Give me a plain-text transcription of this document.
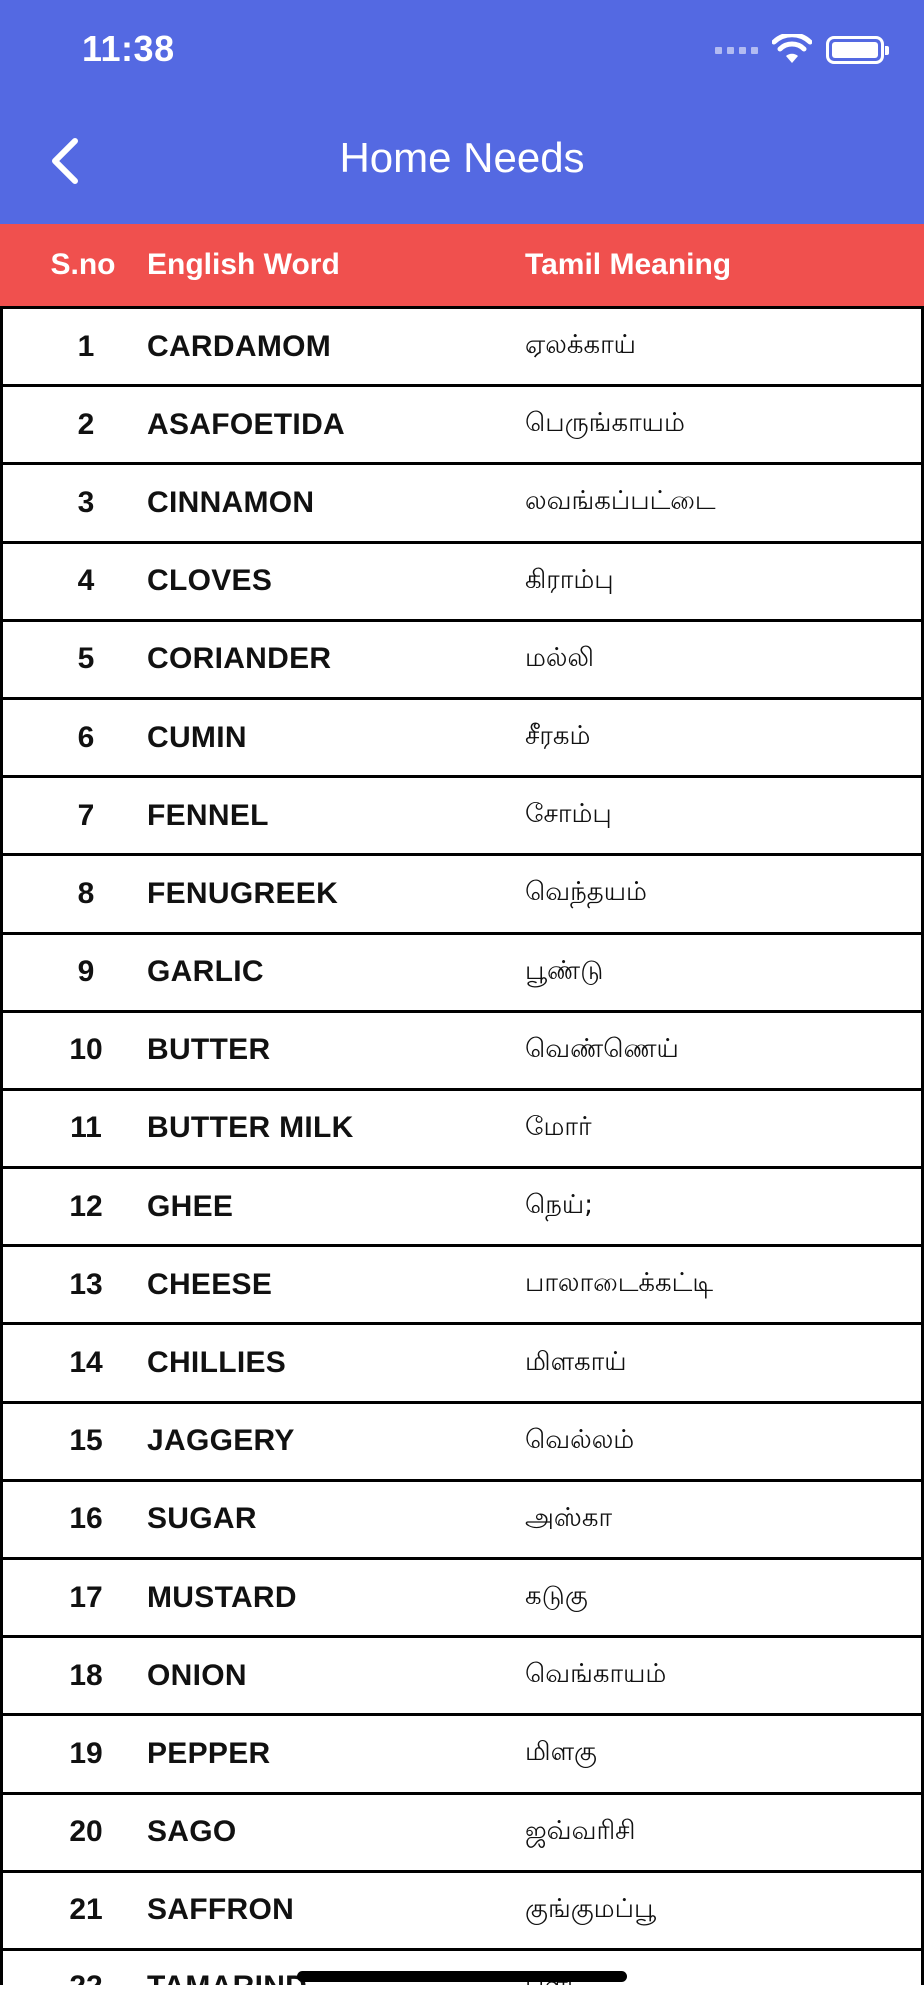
11:38
Home Needs
S.no	English Word	Tamil Meaning
1	CARDAMOM	ஏலக்காய்
2	ASAFOETIDA	பெருங்காயம்
3	CINNAMON	லவங்கப்பட்டை
4	CLOVES	கிராம்பு
5	CORIANDER	மல்லி
6	CUMIN	சீரகம்
7	FENNEL	சோம்பு
8	FENUGREEK	வெந்தயம்
9	GARLIC	பூண்டு
10	BUTTER	வெண்ணெய்
11	BUTTER MILK	மோர்
12	GHEE	நெய்;
13	CHEESE	பாலாடைக்கட்டி
14	CHILLIES	மிளகாய்
15	JAGGERY	வெல்லம்
16	SUGAR	அஸ்கா
17	MUSTARD	கடுகு
18	ONION	வெங்காயம்
19	PEPPER	மிளகு
20	SAGO	ஜவ்வரிசி
21	SAFFRON	குங்குமப்பூ
